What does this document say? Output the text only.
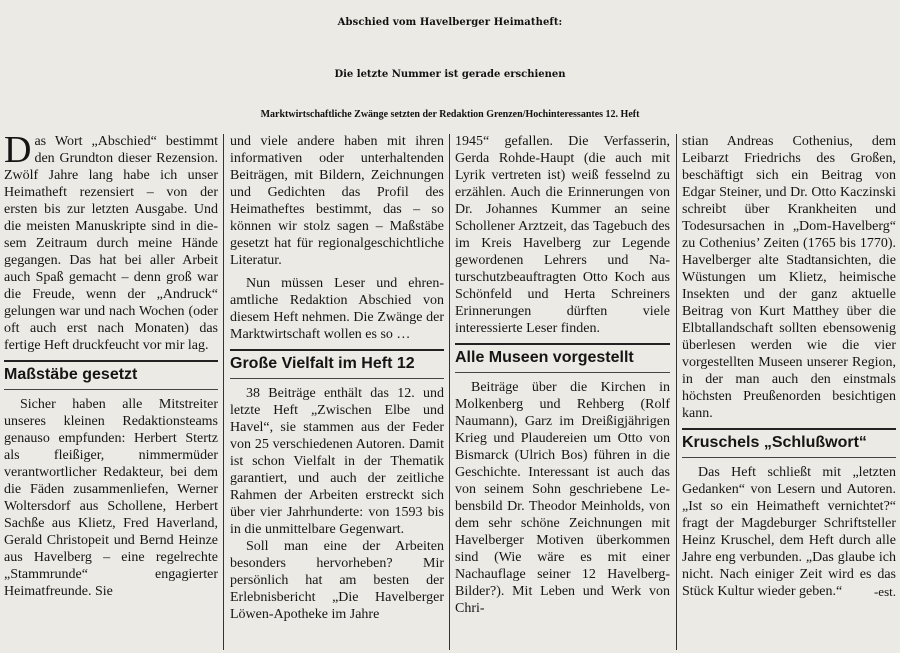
Abschied vom Havelberger Heimatheft:
Die letzte Nummer ist gerade erschienen
Marktwirtschaftliche Zwänge setzten der Redaktion Grenzen/Hochinteressantes 12. Heft

Das Wort „Abschied“ bestimmt den Grundton dieser Rezension. Zwölf Jahre lang habe ich unser Heimatheft rezensiert – von der ersten bis zur letzten Ausgabe. Und die meisten Manuskripte sind in diesem Zeitraum durch meine Hände gegangen. Das hat bei aller Arbeit auch Spaß gemacht – denn groß war die Freude, wenn der „Andruck“ gelungen war und nach Wochen (oder oft auch erst nach Monaten) das fertige Heft druckfeucht vor mir lag.

Maßstäbe gesetzt

Sicher haben alle Mitstreiter unseres kleinen Redaktionsteams genauso empfunden: Herbert Stertz als fleißiger, nimmermüder verantwortlicher Redakteur, bei dem die Fäden zusammenliefen, Werner Woltersdorf aus Schollene, Herbert Sachße aus Klietz, Fred Haverland, Gerald Christopeit und Bernd Heinze aus Havelberg – eine regelrechte „Stammrunde“ engagierter Heimatfreunde. Sie

und viele andere haben mit ihren informativen oder unterhaltenden Beiträgen, mit Bildern, Zeichnungen und Gedichten das Profil des Heimatheftes bestimmt, das – so können wir stolz sagen – Maßstäbe gesetzt hat für regionalgeschichtliche Literatur.

Nun müssen Leser und ehrenamtliche Redaktion Abschied von diesem Heft nehmen. Die Zwänge der Marktwirtschaft wollen es so …

Große Vielfalt im Heft 12

38 Beiträge enthält das 12. und letzte Heft „Zwischen Elbe und Havel“, sie stammen aus der Feder von 25 verschiedenen Autoren. Damit ist schon Vielfalt in der Thematik garantiert, und auch der zeitliche Rahmen der Arbeiten erstreckt sich über vier Jahrhunderte: von 1593 bis in die unmittelbare Gegenwart.

Soll man eine der Arbeiten besonders hervorheben? Mir persönlich hat am besten der Erlebnisbericht „Die Havelberger Löwen-Apotheke im Jahre

1945“ gefallen. Die Verfasserin, Gerda Rohde-Haupt (die auch mit Lyrik vertreten ist) weiß fesselnd zu erzählen. Auch die Erinnerungen von Dr. Johannes Kummer an seine Schollener Arztzeit, das Tagebuch des im Kreis Havelberg zur Legende gewordenen Lehrers und Naturschutzbeauftragten Otto Koch aus Schönfeld und Herta Schreiners Erinnerungen dürften viele interessierte Leser finden.

Alle Museen vorgestellt

Beiträge über die Kirchen in Molkenberg und Rehberg (Rolf Naumann), Garz im Dreißigjährigen Krieg und Plaudereien um Otto von Bismarck (Ulrich Bos) führen in die Geschichte. Interessant ist auch das von seinem Sohn geschriebene Lebensbild Dr. Theodor Meinholds, von dem sehr schöne Zeichnungen mit Havelberger Motiven überkommen sind (Wie wäre es mit einer Nachauflage seiner 12 Havelberg-Bilder?). Mit Leben und Werk von Chri-

stian Andreas Cothenius, dem Leibarzt Friedrichs des Großen, beschäftigt sich ein Beitrag von Edgar Steiner, und Dr. Otto Kaczinski schreibt über Krankheiten und Todesursachen in „Dom-Havelberg“ zu Cothenius’ Zeiten (1765 bis 1770). Havelberger alte Stadtansichten, die Wüstungen um Klietz, heimische Insekten und der ganz aktuelle Beitrag von Kurt Matthey über die Elbtallandschaft sollten ebensowenig überlesen werden wie die vier vorgestellten Museen unserer Region, in der man auch den einstmals höchsten Preußenorden besichtigen kann.

Kruschels „Schlußwort“

Das Heft schließt mit „letzten Gedanken“ von Lesern und Autoren. „Ist so ein Heimatheft vernichtet?“ fragt der Magdeburger Schriftsteller Heinz Kruschel, dem Heft durch alle Jahre eng verbunden. „Das glaube ich nicht. Nach einiger Zeit wird es das Stück Kultur wieder geben.“	-est.
